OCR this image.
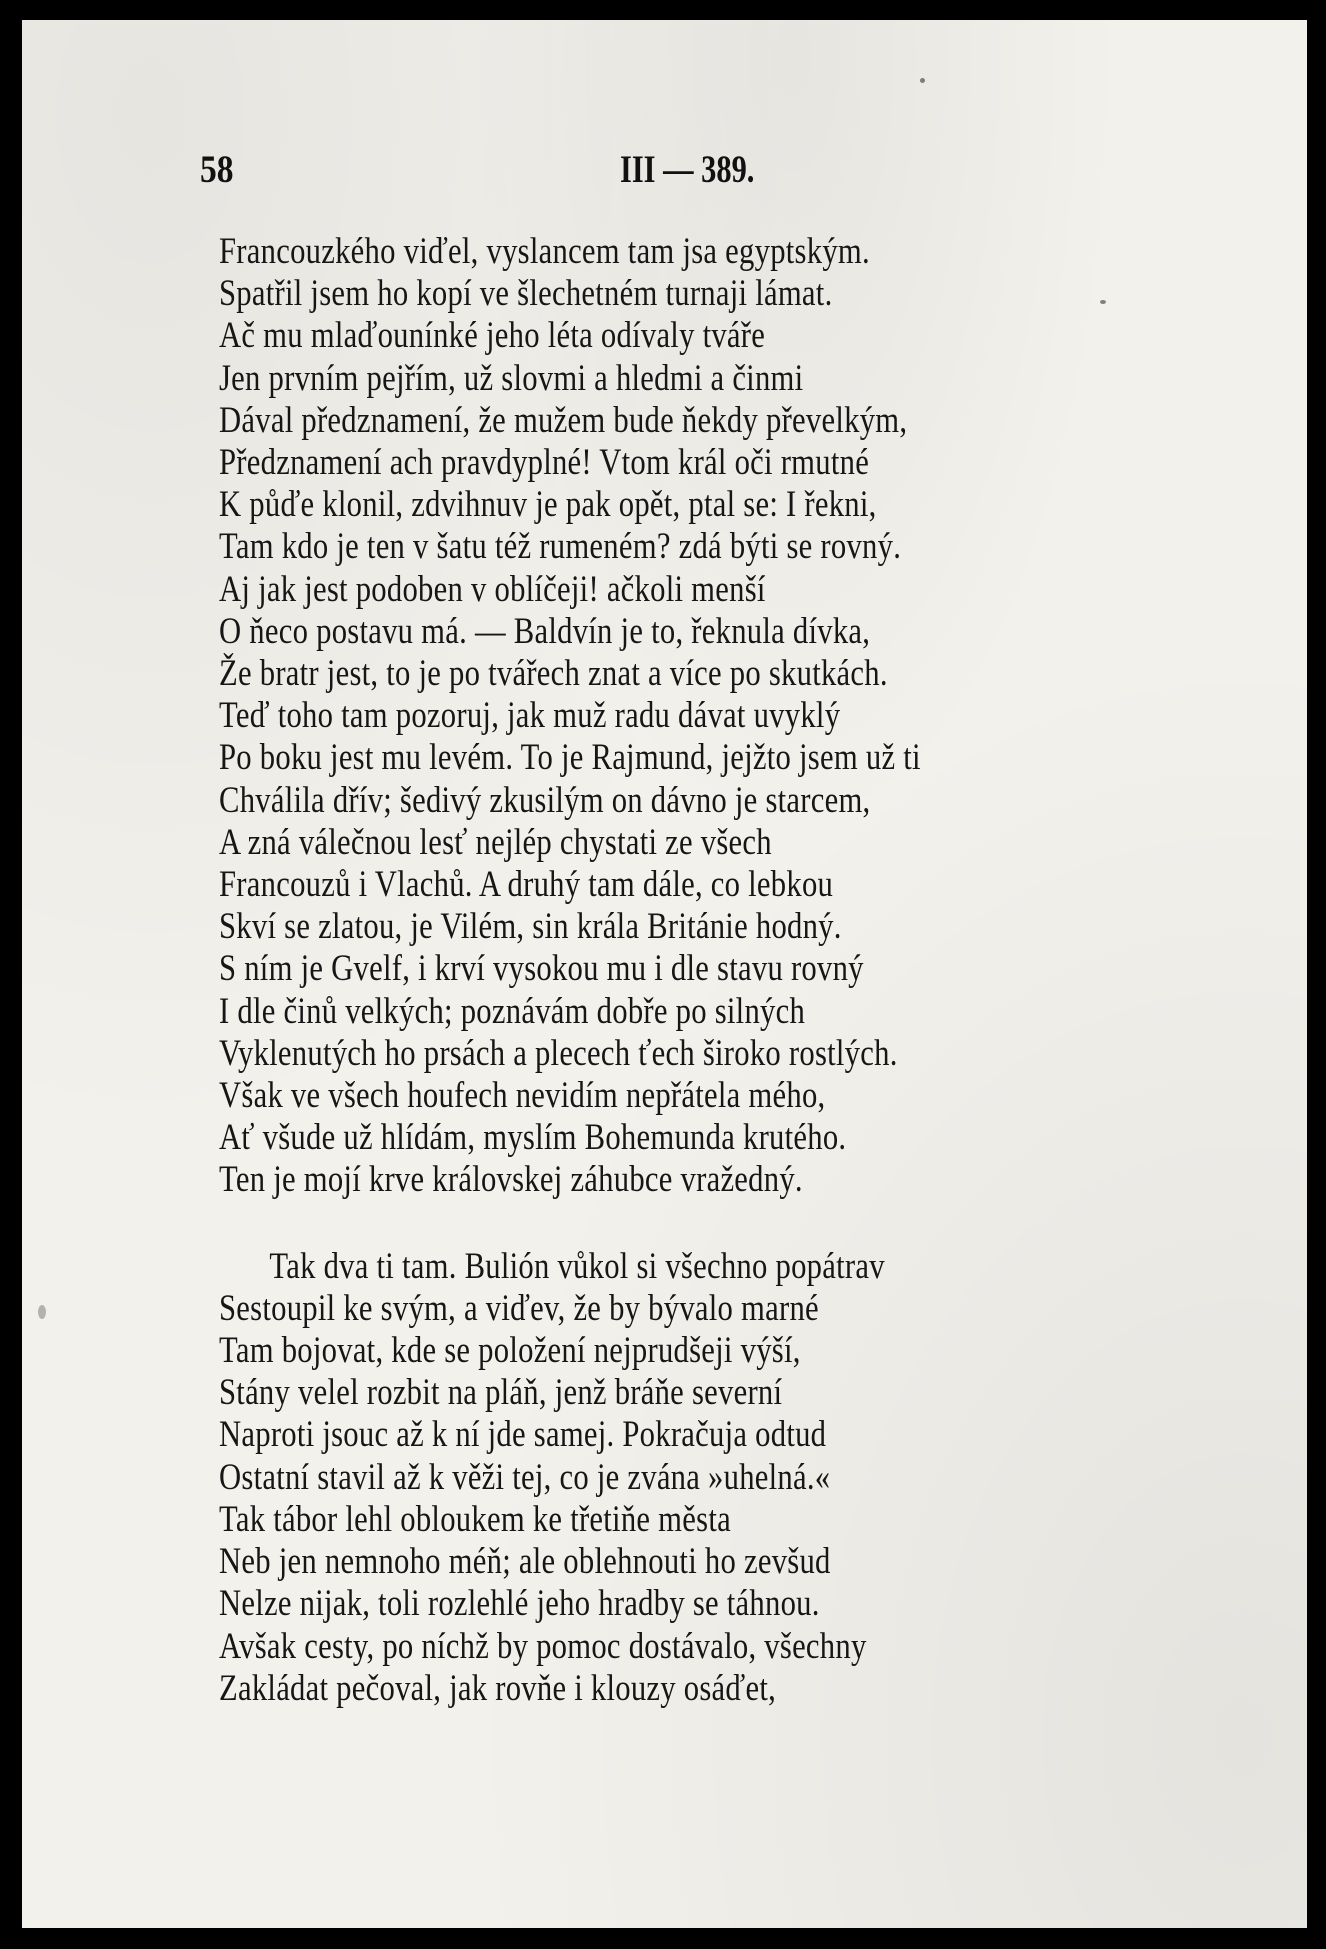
58	III — 389.
Francouzkého viďel, vyslancem tam jsa egyptským.
Spatřil jsem ho kopí ve šlechetném turnaji lámat.
Ač mu mlaďounínké jeho léta odívaly tváře
Jen prvním pejřím, už slovmi a hledmi a činmi
Dával předznamení, že mužem bude ňekdy převelkým,
Předznamení ach pravdyplné! Vtom král oči rmutné
K půďe klonil, zdvihnuv je pak opět, ptal se: I řekni,
Tam kdo je ten v šatu též rumeném? zdá býti se rovný.
Aj jak jest podoben v oblíčeji! ačkoli menší
O ňeco postavu má. — Baldvín je to, řeknula dívka,
Že bratr jest, to je po tvářech znat a více po skutkách.
Teď toho tam pozoruj, jak muž radu dávat uvyklý
Po boku jest mu levém. To je Rajmund, jejžto jsem už ti
Chválila dřív; šedivý zkusilým on dávno je starcem,
A zná válečnou lesť nejlép chystati ze všech
Francouzů i Vlachů. A druhý tam dále, co lebkou
Skví se zlatou, je Vilém, sin krála Británie hodný.
S ním je Gvelf, i krví vysokou mu i dle stavu rovný
I dle činů velkých; poznávám dobře po silných
Vyklenutých ho prsách a plecech ťech široko rostlých.
Však ve všech houfech nevidím nepřátela mého,
Ať všude už hlídám, myslím Bohemunda krutého.
Ten je mojí krve královskej záhubce vražedný.
Tak dva ti tam. Bulión vůkol si všechno popátrav
Sestoupil ke svým, a viďev, že by bývalo marné
Tam bojovat, kde se položení nejprudšeji výší,
Stány velel rozbit na pláň, jenž bráňe severní
Naproti jsouc až k ní jde samej. Pokračuja odtud
Ostatní stavil až k věži tej, co je zvána »uhelná.«
Tak tábor lehl obloukem ke třetiňe města
Neb jen nemnoho méň; ale oblehnouti ho zevšud
Nelze nijak, toli rozlehlé jeho hradby se táhnou.
Avšak cesty, po níchž by pomoc dostávalo, všechny
Zakládat pečoval, jak rovňe i klouzy osáďet,
